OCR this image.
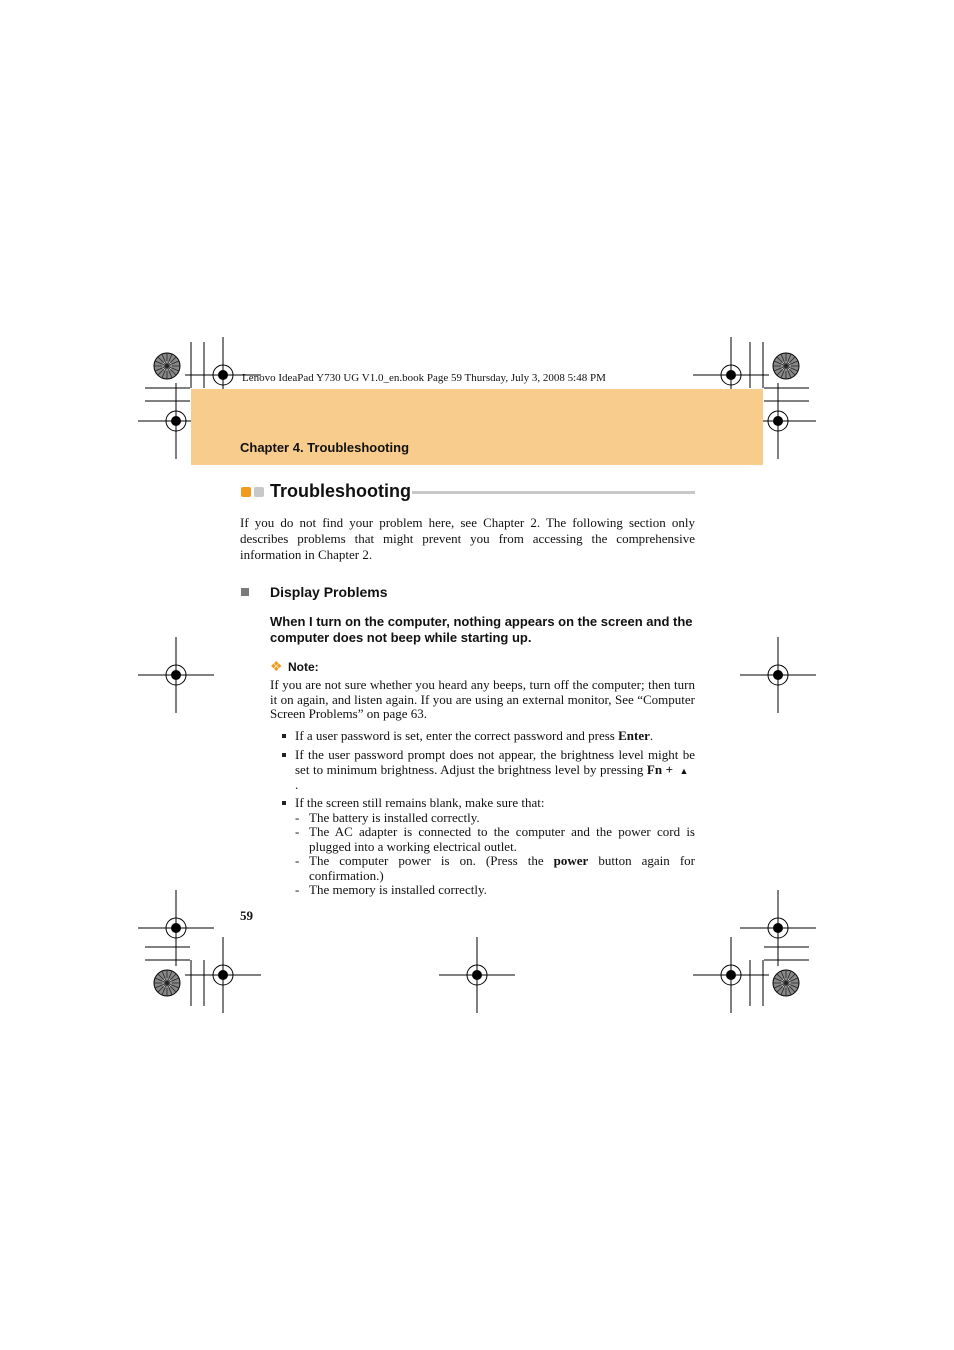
Lenovo IdeaPad Y730 UG V1.0_en.book Page 59 Thursday, July 3, 2008 5:48 PM
Chapter 4. Troubleshooting
Troubleshooting
If you do not find your problem here, see Chapter 2. The following section only describes problems that might prevent you from accessing the comprehensive information in Chapter 2.
Display Problems
When I turn on the computer, nothing appears on the screen and the computer does not beep while starting up.
❖ Note:
If you are not sure whether you heard any beeps, turn off the computer; then turn it on again, and listen again. If you are using an external monitor, See “Computer Screen Problems” on page 63.
If a user password is set, enter the correct password and press Enter.
If the user password prompt does not appear, the brightness level might be set to minimum brightness. Adjust the brightness level by pressing Fn + ▲.
If the screen still remains blank, make sure that:
- The battery is installed correctly.
- The AC adapter is connected to the computer and the power cord is plugged into a working electrical outlet.
- The computer power is on. (Press the power button again for confirmation.)
- The memory is installed correctly.
59
